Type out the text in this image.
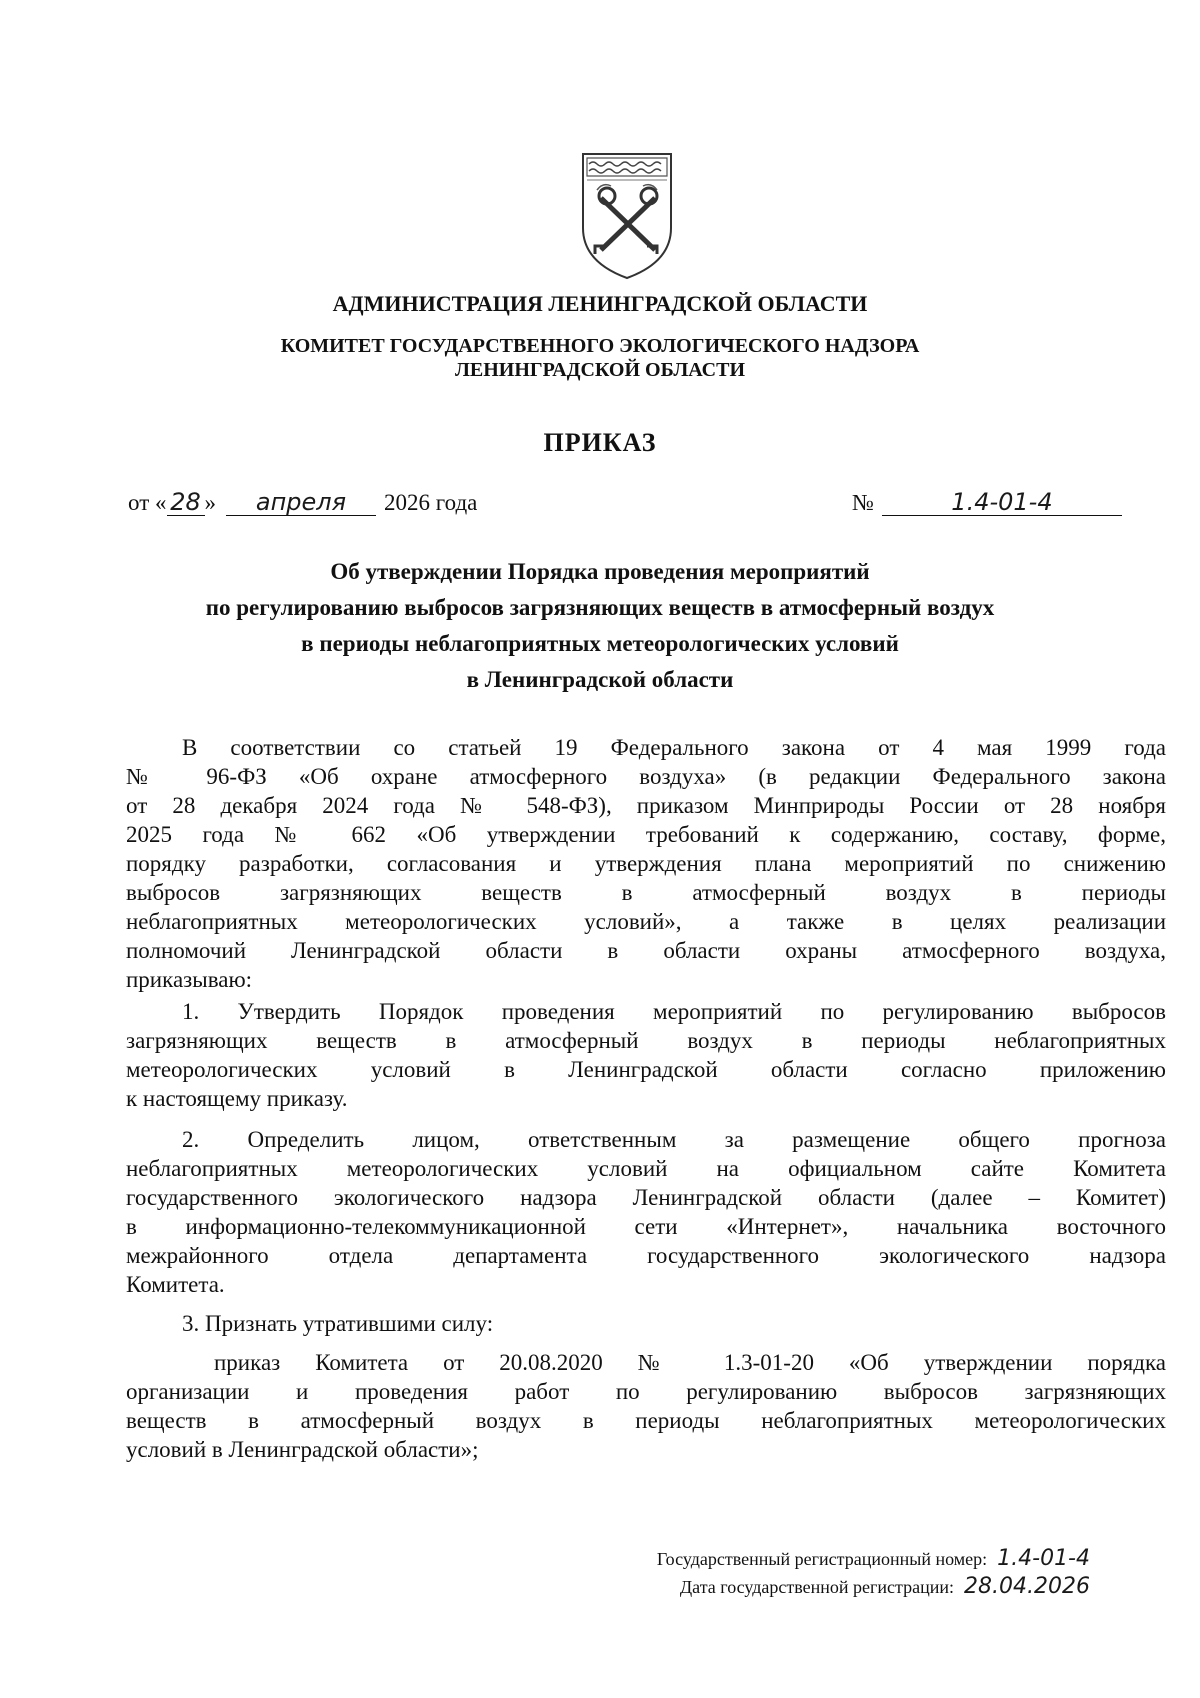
АДМИНИСТРАЦИЯ ЛЕНИНГРАДСКОЙ ОБЛАСТИ
КОМИТЕТ ГОСУДАРСТВЕННОГО ЭКОЛОГИЧЕСКОГО НАДЗОРА
ЛЕНИНГРАДСКОЙ ОБЛАСТИ
ПРИКАЗ
от « 28 » апреля 2026 года	№	1.4-01-4
Об утверждении Порядка проведения мероприятий
по регулированию выбросов загрязняющих веществ в атмосферный воздух
в периоды неблагоприятных метеорологических условий
в Ленинградской области
В соответствии со статьей 19 Федерального закона от 4 мая 1999 года
№ 96-ФЗ «Об охране атмосферного воздуха» (в редакции Федерального закона
от 28 декабря 2024 года № 548-ФЗ), приказом Минприроды России от 28 ноября
2025 года № 662 «Об утверждении требований к содержанию, составу, форме,
порядку разработки, согласования и утверждения плана мероприятий по снижению
выбросов загрязняющих веществ в атмосферный воздух в периоды
неблагоприятных метеорологических условий», а также в целях реализации
полномочий Ленинградской области в области охраны атмосферного воздуха,
приказываю:
1. Утвердить Порядок проведения мероприятий по регулированию выбросов
загрязняющих веществ в атмосферный воздух в периоды неблагоприятных
метеорологических условий в Ленинградской области согласно приложению
к настоящему приказу.
2. Определить лицом, ответственным за размещение общего прогноза
неблагоприятных метеорологических условий на официальном сайте Комитета
государственного экологического надзора Ленинградской области (далее – Комитет)
в информационно-телекоммуникационной сети «Интернет», начальника восточного
межрайонного отдела департамента государственного экологического надзора
Комитета.
3. Признать утратившими силу:
приказ Комитета от 20.08.2020 № 1.3-01-20 «Об утверждении порядка
организации и проведения работ по регулированию выбросов загрязняющих
веществ в атмосферный воздух в периоды неблагоприятных метеорологических
условий в Ленинградской области»;
Государственный регистрационный номер: 1.4-01-4
Дата государственной регистрации: 28.04.2026
